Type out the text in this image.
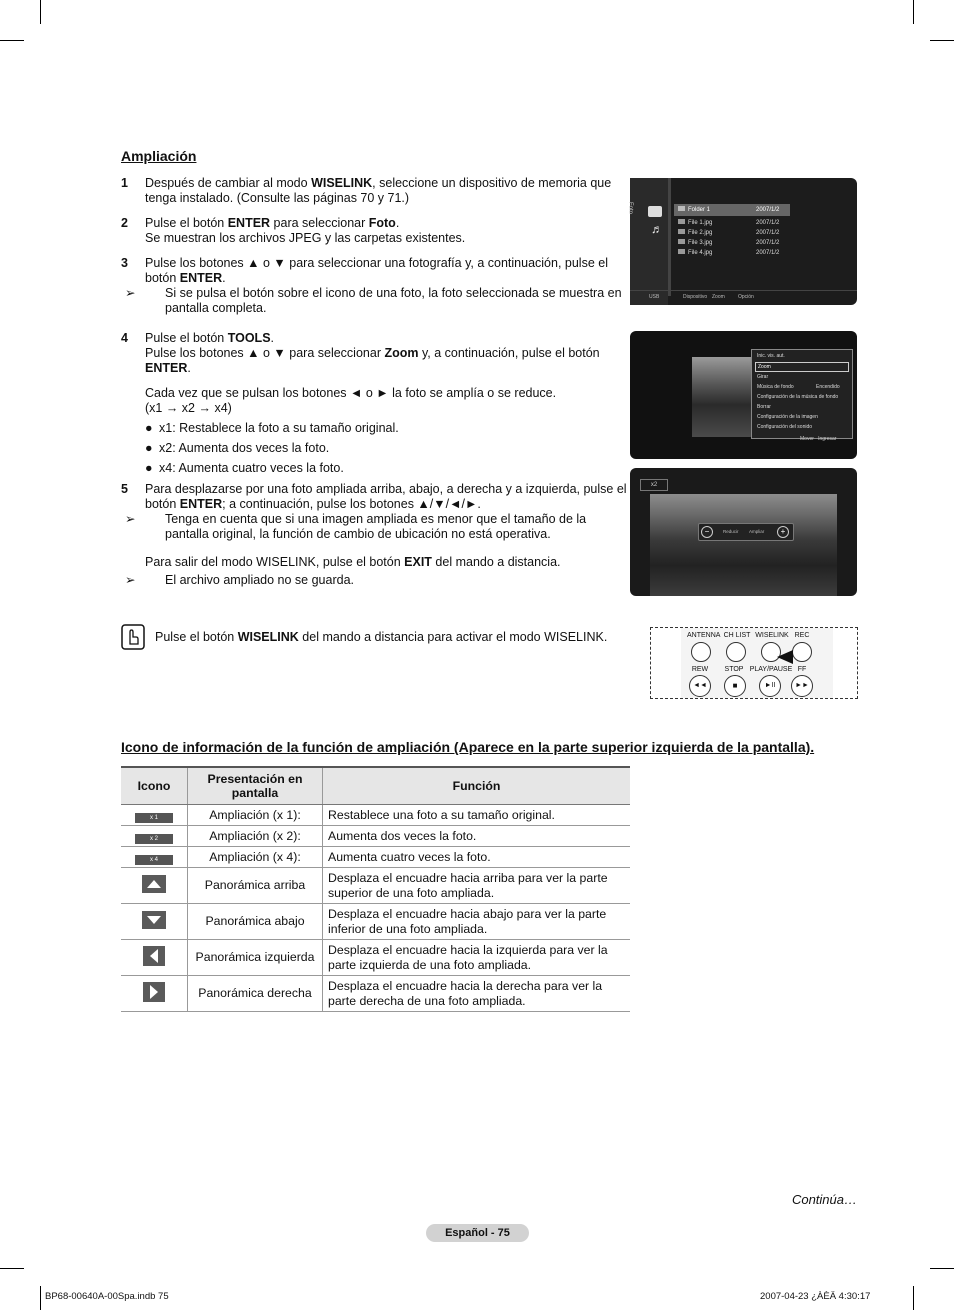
Ampliación
1 Después de cambiar al modo WISELINK, seleccione un dispositivo de memoria que tenga instalado. (Consulte las páginas 70 y 71.)
2 Pulse el botón ENTER para seleccionar Foto.
Se muestran los archivos JPEG y las carpetas existentes.
3 Pulse los botones ▲ o ▼ para seleccionar una fotografía y, a continuación, pulse el botón ENTER.
➢ Si se pulsa el botón sobre el icono de una foto, la foto seleccionada se muestra en pantalla completa.
4 Pulse el botón TOOLS.
Pulse los botones ▲ o ▼ para seleccionar Zoom y, a continuación, pulse el botón ENTER.
Cada vez que se pulsan los botones ◄ o ► la foto se amplía o se reduce.
(x1 → x2 → x4)
● x1: Restablece la foto a su tamaño original.
● x2: Aumenta dos veces la foto.
● x4: Aumenta cuatro veces la foto.
5 Para desplazarse por una foto ampliada arriba, abajo, a derecha y a izquierda, pulse el botón ENTER; a continuación, pulse los botones ▲/▼/◄/►.
➢ Tenga en cuenta que si una imagen ampliada es menor que el tamaño de la pantalla original, la función de cambio de ubicación no está operativa.
Para salir del modo WISELINK, pulse el botón EXIT del mando a distancia.
➢ El archivo ampliado no se guarda.
Pulse el botón WISELINK del mando a distancia para activar el modo WISELINK.
Foto
♬
Folder 1	2007/1/2
File 1.jpg	2007/1/2
File 2.jpg	2007/1/2
File 3.jpg	2007/1/2
File 4.jpg	2007/1/2
USB	Dispositivo Zoom	Opción
Inic. vis. aut.
Zoom
Girar
Música de fondo	Encendido
Configuración de la música de fondo
Borrar
Configuración de la imagen
Configuración del sonido
Mover Ingresar
x2
−	Reducir Ampliar	+
ANTENNA CH LIST WISELINK REC
REW	STOP PLAY/PAUSE FF
◄◄	■	►II	►►
Icono de información de la función de ampliación (Aparece en la parte superior izquierda de la pantalla).
Icono	Presentación en pantalla	Función
x 1	Ampliación (x 1):	Restablece una foto a su tamaño original.
x 2	Ampliación (x 2):	Aumenta dos veces la foto.
x 4	Ampliación (x 4):	Aumenta cuatro veces la foto.
	Panorámica arriba	Desplaza el encuadre hacia arriba para ver la parte superior de una foto ampliada.
	Panorámica abajo	Desplaza el encuadre hacia abajo para ver la parte inferior de una foto ampliada.
	Panorámica izquierda	Desplaza el encuadre hacia la izquierda para ver la parte izquierda de una foto ampliada.
	Panorámica derecha	Desplaza el encuadre hacia la derecha para ver la parte derecha de una foto ampliada.
Continúa…
Español - 75
BP68-00640A-00Spa.indb 75	2007-04-23 ¿ÀÈÄ 4:30:17
